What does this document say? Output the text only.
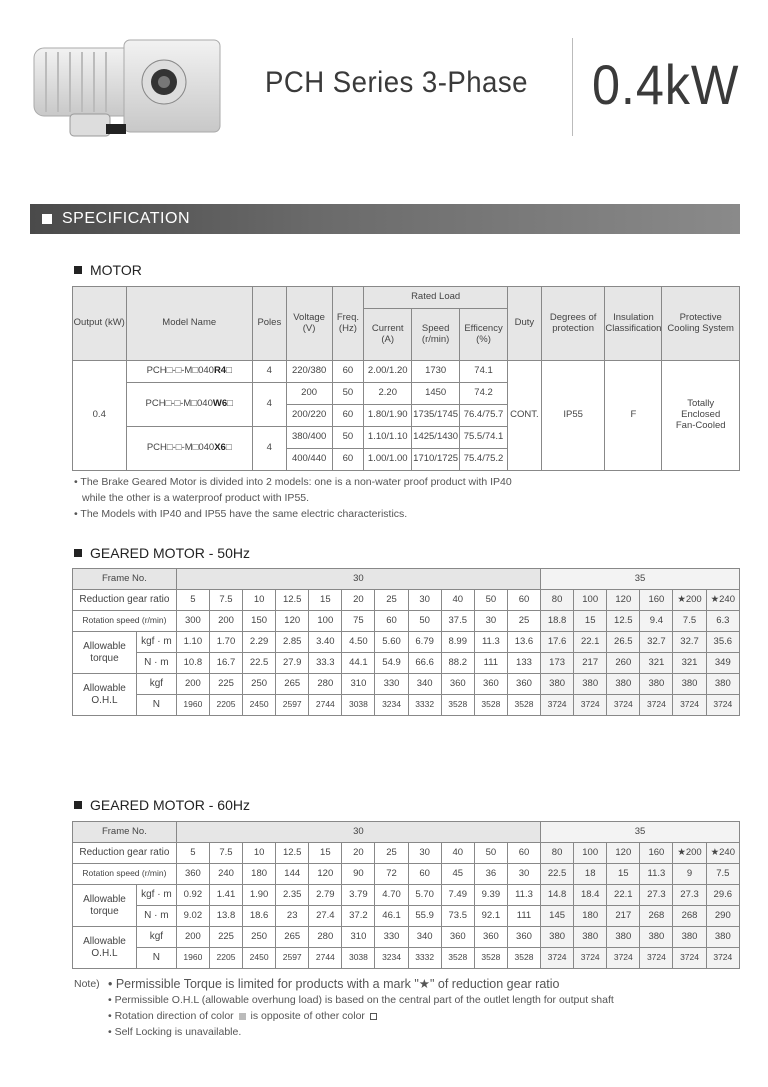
PCH Series 3-Phase 0.4kW
SPECIFICATION
MOTOR
Output (kW)	Model Name	Poles	Voltage (V)	Freq. (Hz)	Rated Load			Duty	Degrees of protection	Insulation Classification	Protective Cooling System
					Current (A)	Speed (r/min)	Efficency (%)				
0.4	PCH□-□-M□040R4□	4	220/380	60	2.00/1.20	1730	74.1	CONT.	IP55	F	Totally Enclosed Fan-Cooled
	PCH□-□-M□040W6□	4	200	50	2.20	1450	74.2				
			200/220	60	1.80/1.90	1735/1745	76.4/75.7				
	PCH□-□-M□040X6□	4	380/400	50	1.10/1.10	1425/1430	75.5/74.1				
			400/440	60	1.00/1.00	1710/1725	75.4/75.2				
• The Brake Geared Motor is divided into 2 models: one is a non-water proof product with IP40
while the other is a waterproof product with IP55.
• The Models with IP40 and IP55 have the same electric characteristics.
GEARED MOTOR - 50Hz
Frame No.		30											35					
Reduction gear ratio		5	7.5	10	12.5	15	20	25	30	40	50	60	80	100	120	160	★200	★240
Rotation speed (r/min)		300	200	150	120	100	75	60	50	37.5	30	25	18.8	15	12.5	9.4	7.5	6.3
Allowable torque	kgf · m	1.10	1.70	2.29	2.85	3.40	4.50	5.60	6.79	8.99	11.3	13.6	17.6	22.1	26.5	32.7	32.7	35.6
	N · m	10.8	16.7	22.5	27.9	33.3	44.1	54.9	66.6	88.2	111	133	173	217	260	321	321	349
Allowable O.H.L	kgf	200	225	250	265	280	310	330	340	360	360	360	380	380	380	380	380	380
	N	1960	2205	2450	2597	2744	3038	3234	3332	3528	3528	3528	3724	3724	3724	3724	3724	3724
GEARED MOTOR - 60Hz
Frame No.		30											35					
Reduction gear ratio		5	7.5	10	12.5	15	20	25	30	40	50	60	80	100	120	160	★200	★240
Rotation speed (r/min)		360	240	180	144	120	90	72	60	45	36	30	22.5	18	15	11.3	9	7.5
Allowable torque	kgf · m	0.92	1.41	1.90	2.35	2.79	3.79	4.70	5.70	7.49	9.39	11.3	14.8	18.4	22.1	27.3	27.3	29.6
	N · m	9.02	13.8	18.6	23	27.4	37.2	46.1	55.9	73.5	92.1	111	145	180	217	268	268	290
Allowable O.H.L	kgf	200	225	250	265	280	310	330	340	360	360	360	380	380	380	380	380	380
	N	1960	2205	2450	2597	2744	3038	3234	3332	3528	3528	3528	3724	3724	3724	3724	3724	3724
Note) • Permissible Torque is limited for products with a mark "★" of reduction gear ratio
• Permissible O.H.L (allowable overhung load) is based on the central part of the outlet length for output shaft
• Rotation direction of color is opposite of other color
• Self Locking is unavailable.
